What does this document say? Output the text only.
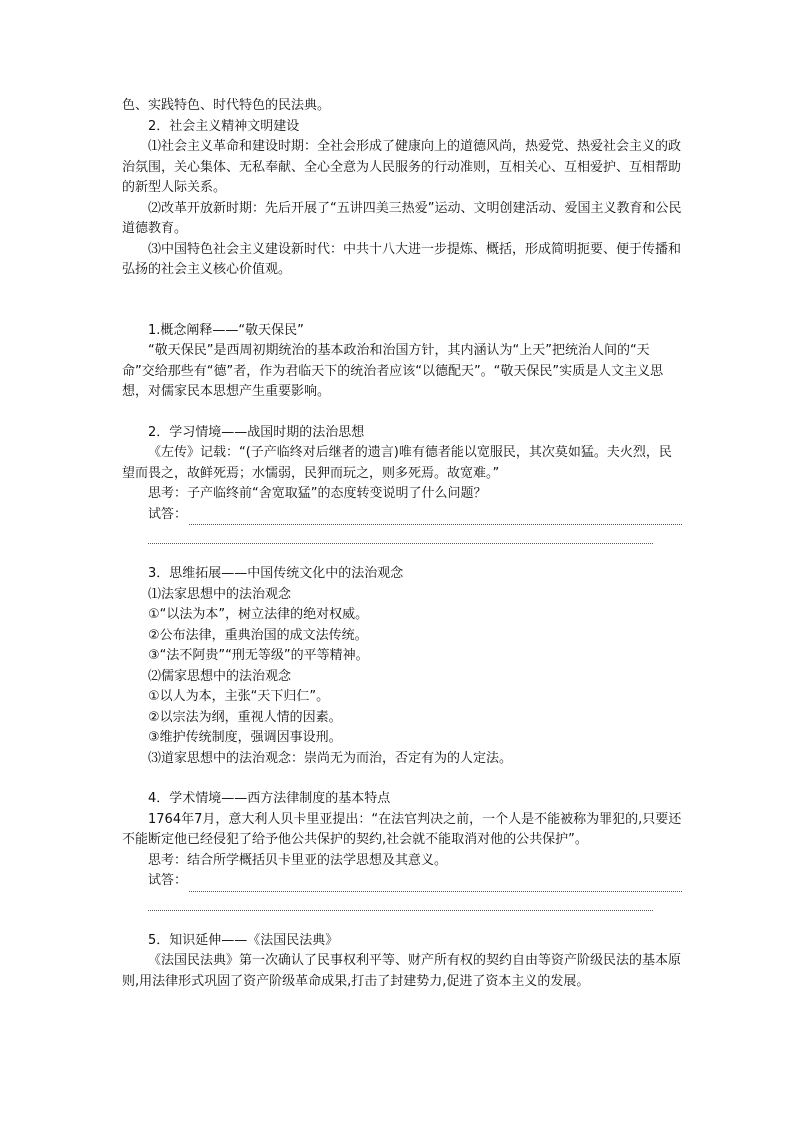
色、实践特色、时代特色的民法典。

2．社会主义精神文明建设

⑴社会主义革命和建设时期：全社会形成了健康向上的道德风尚，热爱党、热爱社会主义的政治氛围，关心集体、无私奉献、全心全意为人民服务的行动准则，互相关心、互相爱护、互相帮助的新型人际关系。

⑵改革开放新时期：先后开展了“五讲四美三热爱”运动、文明创建活动、爱国主义教育和公民道德教育。

⑶中国特色社会主义建设新时代：中共十八大进一步提炼、概括，形成简明扼要、便于传播和弘扬的社会主义核心价值观。

1.概念阐释——“敬天保民”

“敬天保民”是西周初期统治的基本政治和治国方针，其内涵认为“上天”把统治人间的“天命”交给那些有“德”者，作为君临天下的统治者应该“以德配天”。“敬天保民”实质是人文主义思想，对儒家民本思想产生重要影响。

2．学习情境——战国时期的法治思想

《左传》记载：“(子产临终对后继者的遗言)唯有德者能以宽服民，其次莫如猛。夫火烈，民望而畏之，故鲜死焉；水懦弱，民狎而玩之，则多死焉。故宽难。”

思考：子产临终前“舍宽取猛”的态度转变说明了什么问题？

试答：

3．思维拓展——中国传统文化中的法治观念

⑴法家思想中的法治观念

①“以法为本”，树立法律的绝对权威。

②公布法律，重典治国的成文法传统。

③“法不阿贵”“刑无等级”的平等精神。

⑵儒家思想中的法治观念

①以人为本，主张“天下归仁”。

②以宗法为纲，重视人情的因素。

③维护传统制度，强调因事设刑。

⑶道家思想中的法治观念：崇尚无为而治，否定有为的人定法。

4．学术情境——西方法律制度的基本特点

1764年7月，意大利人贝卡里亚提出：“在法官判决之前，一个人是不能被称为罪犯的,只要还不能断定他已经侵犯了给予他公共保护的契约,社会就不能取消对他的公共保护”。

思考：结合所学概括贝卡里亚的法学思想及其意义。

试答：

5．知识延伸——《法国民法典》

《法国民法典》第一次确认了民事权利平等、财产所有权的契约自由等资产阶级民法的基本原则,用法律形式巩固了资产阶级革命成果,打击了封建势力,促进了资本主义的发展。
